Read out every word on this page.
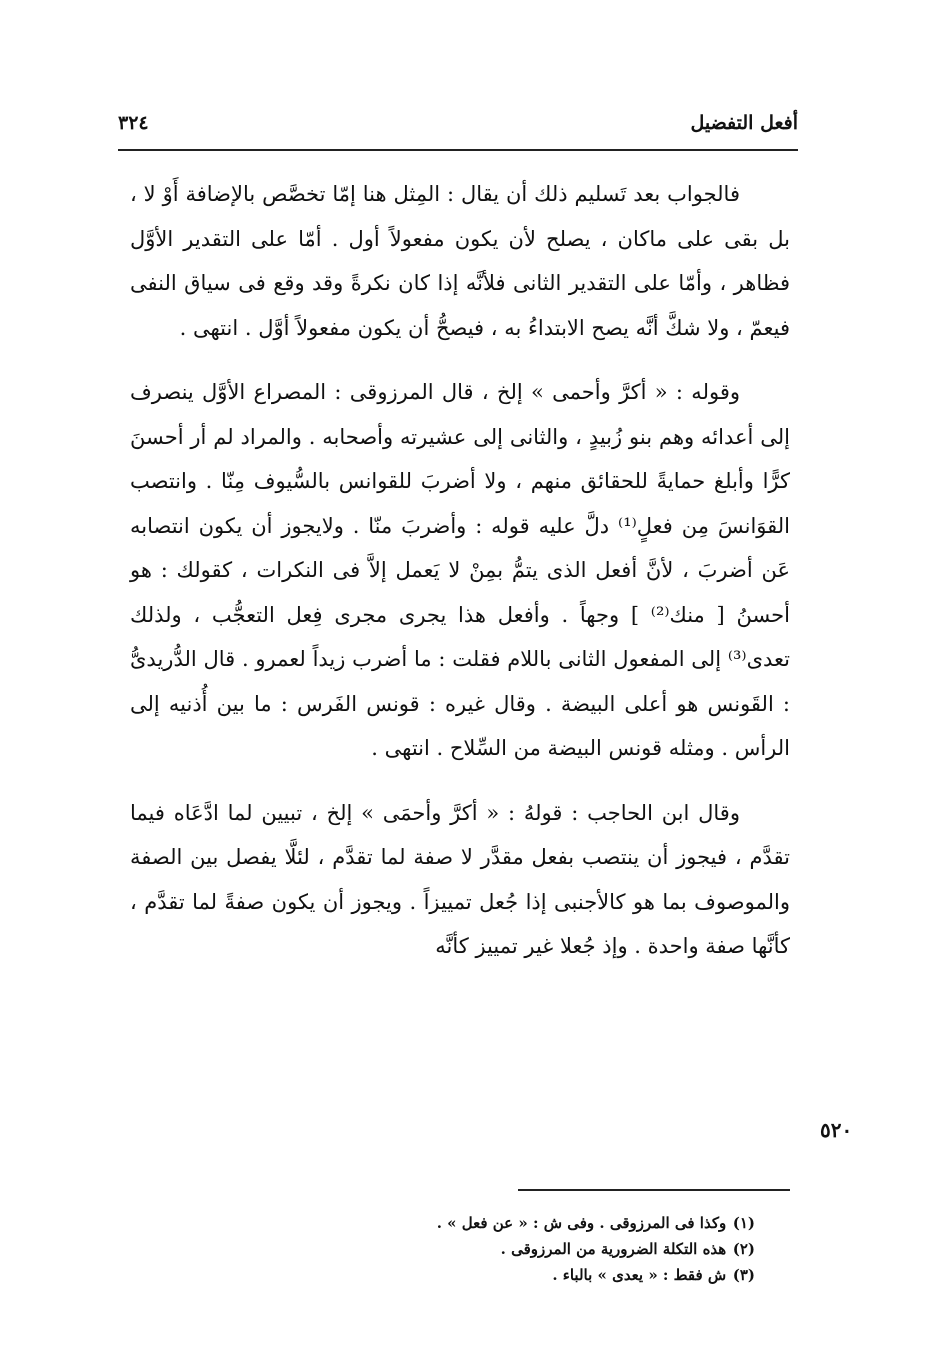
أفعل التفضيل
٣٢٤

فالجواب بعد تَسليم ذلك أن يقال : المِثل هنا إمّا تخصَّص بالإضافة أَوْ لا ، بل بقى على ماكان ، يصلح لأن يكون مفعولاً أول . أمّا على التقدير الأوَّل فظاهر ، وأمّا على التقدير الثانى فلأنَّه إذا كان نكرةً وقد وقع فى سياق النفى فيعمّ ، ولا شكَّ أنَّه يصح الابتداءُ به ، فيصحُّ أن يكون مفعولاً أوَّل . انتهى .

وقوله : « أكرَّ وأحمى » إلخ ، قال المرزوقى : المصراع الأوَّل ينصرف إلى أعدائه وهم بنو زُبيدٍ ، والثانى إلى عشيرته وأصحابه . والمراد لم أر أحسنَ كرًّا وأبلغ حمايةً للحقائق منهم ، ولا أضربَ للقوانس بالسُّيوف مِنّا . وانتصب القوَانسَ مِن فعلٍ⁽¹⁾ دلَّ عليه قوله : وأضربَ منّا . ولايجوز أن يكون انتصابه عَن أضربَ ، لأنَّ أفعل الذى يتمُّ بمِنْ لا يَعمل إلاَّ فى النكرات ، كقولك : هو أحسنُ [ منك⁽²⁾ ] وجهاً . وأفعل هذا يجرى مجرى فِعل التعجُّب ، ولذلك تعدى⁽³⁾ إلى المفعول الثانى باللام فقلت : ما أضرب زيداً لعمرو . قال الدُّريدىُّ : القَونس هو أعلى البيضة . وقال غيره : قونس الفَرس : ما بين أُذنيه إلى الرأس . ومثله قونس البيضة من السِّلاح . انتهى .

وقال ابن الحاجب : قولهُ : « أكرَّ وأحمَى » إلخ ، تبيين لما ادَّعَاه فيما تقدَّم ، فيجوز أن ينتصب بفعل مقدَّر لا صفة لما تقدَّم ، لئلَّا يفصل بين الصفة والموصوف بما هو كالأجنبى إذا جُعل تمييزاً . ويجوز أن يكون صفةً لما تقدَّم ، كأنَّها صفة واحدة . وإذ جُعلا غير تمييز كأنَّه

٥٢٠
(١) وكذا فى المرزوقى . وفى ش : « عن فعل » .
(٢) هذه التكلة الضرورية من المرزوقى .
(٣) ش فقط : « يعدى » بالباء .
